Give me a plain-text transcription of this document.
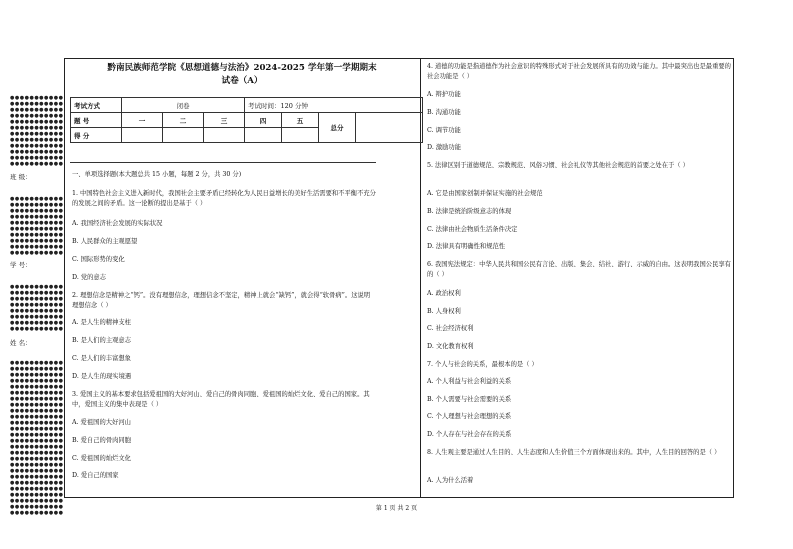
●●●●●●●●●●●
●●●●●●●●●●●
●●●●●●●●●●●
●●●●●●●●●●●
●●●●●●●●●●●
●●●●●●●●●●●
●●●●●●●●●●●
●●●●●●●●●●●
●●●●●●●●●●●
●●●●●●●●●●●
●●●●●●●●●●●
●●●●●●●●●●●
班 级：
●●●●●●●●●●●
●●●●●●●●●●●
●●●●●●●●●●●
●●●●●●●●●●●
●●●●●●●●●●●
●●●●●●●●●●●
●●●●●●●●●●●
●●●●●●●●●●●
●●●●●●●●●●●
●●●●●●●●●●●
学 号：
●●●●●●●●●●●
●●●●●●●●●●●
●●●●●●●●●●●
●●●●●●●●●●●
●●●●●●●●●●●
●●●●●●●●●●●
●●●●●●●●●●●
●●●●●●●●●●●
姓 名：
●●●●●●●●●●●
●●●●●●●●●●●
●●●●●●●●●●●
●●●●●●●●●●●
●●●●●●●●●●●
●●●●●●●●●●●
●●●●●●●●●●●
●●●●●●●●●●●
●●●●●●●●●●●
●●●●●●●●●●●
●●●●●●●●●●●
●●●●●●●●●●●
●●●●●●●●●●●
●●●●●●●●●●●
●●●●●●●●●●●
●●●●●●●●●●●
●●●●●●●●●●●
●●●●●●●●●●●
●●●●●●●●●●●
●●●●●●●●●●●
●●●●●●●●●●●
●●●●●●●●●●●
●●●●●●●●●●●
●●●●●●●●●●●
●●●●●●●●●●●
●●●●●●●●●●●
黔南民族师范学院《思想道德与法治》2024-2025 学年第一学期期末
试卷（A）
考试方式	闭卷			考试时间：120 分钟			
题 号	一	二	三	四	五	总分	
得 分							
一、单项选择题(本大题总共 15 小题，每题 2 分，共 30 分)
1. 中国特色社会主义进入新时代，我国社会主要矛盾已经转化为人民日益增长的美好生活需要和不平衡不充分的发展之间的矛盾。这一论断的提出是基于（ ）
A. 我国经济社会发展的实际状况
B. 人民群众的主观愿望
C. 国际形势的变化
D. 党的意志
2. 理想信念是精神之“钙”。没有理想信念，理想信念不坚定，精神上就会“缺钙”，就会得“软骨病”。这说明理想信念（ ）
A. 是人生的精神支柱
B. 是人们的主观意志
C. 是人们的丰富想象
D. 是人生的现实境遇
3. 爱国主义的基本要求包括爱祖国的大好河山、爱自己的骨肉同胞、爱祖国的灿烂文化、爱自己的国家。其中，爱国主义的集中表现是（ ）
A. 爱祖国的大好河山
B. 爱自己的骨肉同胞
C. 爱祖国的灿烂文化
D. 爱自己的国家
4. 道德的功能是指道德作为社会意识的特殊形式对于社会发展所具有的功效与能力。其中最突出也是最重要的社会功能是（ ）
A. 辩护功能
B. 沟通功能
C. 调节功能
D. 激励功能
5. 法律区别于道德规范、宗教规范、风俗习惯、社会礼仪等其他社会规范的首要之处在于（ ）
A. 它是由国家创制并保证实施的社会规范
B. 法律是统治阶级意志的体现
C. 法律由社会物质生活条件决定
D. 法律具有明确性和规范性
6. 我国宪法规定：中华人民共和国公民有言论、出版、集会、结社、游行、示威的自由。这表明我国公民享有的（ ）
A. 政治权利
B. 人身权利
C. 社会经济权利
D. 文化教育权利
7. 个人与社会的关系，最根本的是（ ）
A. 个人利益与社会利益的关系
B. 个人需要与社会需要的关系
C. 个人理想与社会理想的关系
D. 个人存在与社会存在的关系
8. 人生观主要是通过人生目的、人生态度和人生价值三个方面体现出来的。其中，人生目的回答的是（ ）
A. 人为什么活着
第 1 页 共 2 页
